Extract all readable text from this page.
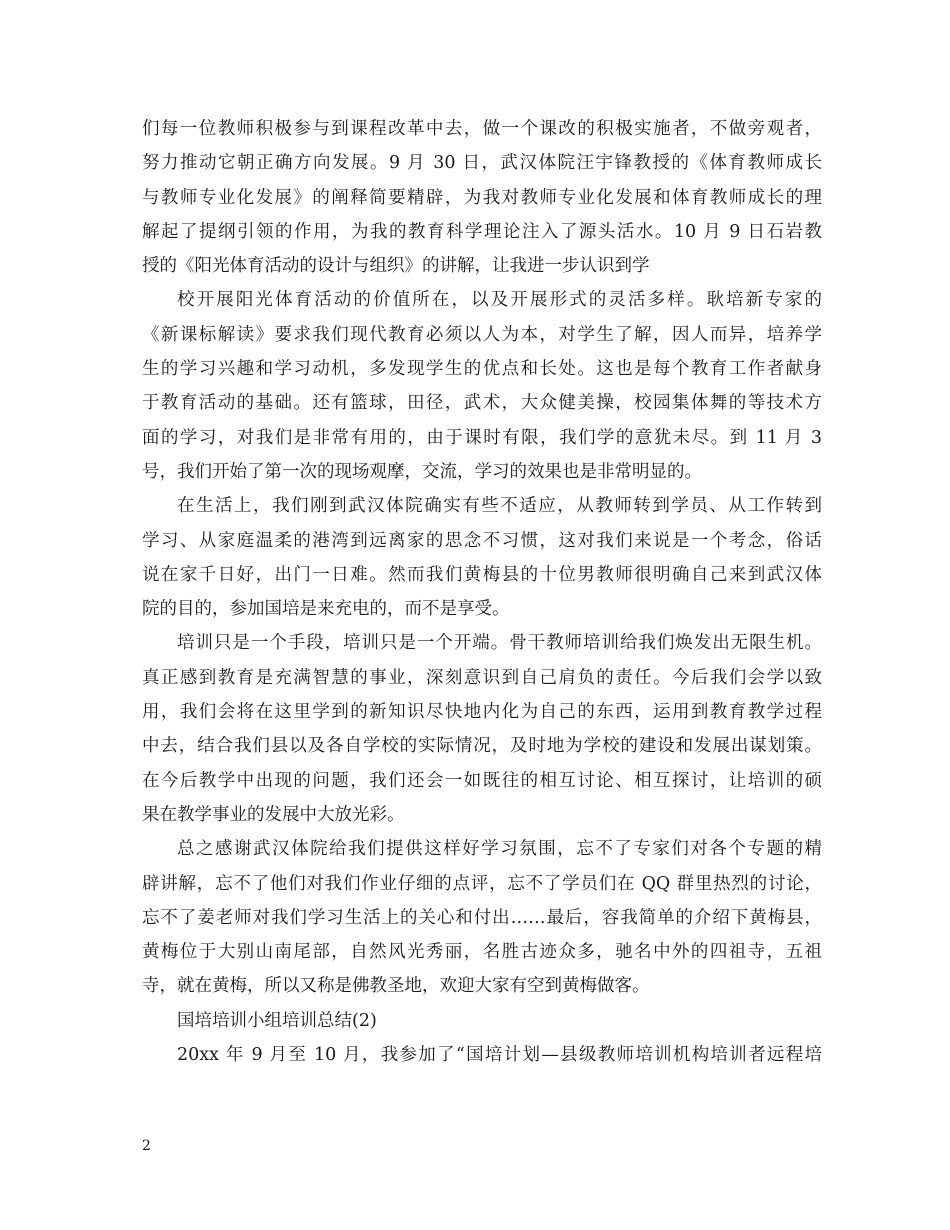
们每一位教师积极参与到课程改革中去，做一个课改的积极实施者，不做旁观者，
努力推动它朝正确方向发展。9 月 30 日，武汉体院汪宇锋教授的《体育教师成长
与教师专业化发展》的阐释简要精辟，为我对教师专业化发展和体育教师成长的理
解起了提纲引领的作用，为我的教育科学理论注入了源头活水。10 月 9 日石岩教
授的《阳光体育活动的设计与组织》的讲解，让我进一步认识到学
校开展阳光体育活动的价值所在，以及开展形式的灵活多样。耿培新专家的
《新课标解读》要求我们现代教育必须以人为本，对学生了解，因人而异，培养学
生的学习兴趣和学习动机，多发现学生的优点和长处。这也是每个教育工作者献身
于教育活动的基础。还有篮球，田径，武术，大众健美操，校园集体舞的等技术方
面的学习，对我们是非常有用的，由于课时有限，我们学的意犹未尽。到 11 月 3
号，我们开始了第一次的现场观摩，交流，学习的效果也是非常明显的。
在生活上，我们刚到武汉体院确实有些不适应，从教师转到学员、从工作转到
学习、从家庭温柔的港湾到远离家的思念不习惯，这对我们来说是一个考念，俗话
说在家千日好，出门一日难。然而我们黄梅县的十位男教师很明确自己来到武汉体
院的目的，参加国培是来充电的，而不是享受。
培训只是一个手段，培训只是一个开端。骨干教师培训给我们焕发出无限生机。
真正感到教育是充满智慧的事业，深刻意识到自己肩负的责任。今后我们会学以致
用，我们会将在这里学到的新知识尽快地内化为自己的东西，运用到教育教学过程
中去，结合我们县以及各自学校的实际情况，及时地为学校的建设和发展出谋划策。
在今后教学中出现的问题，我们还会一如既往的相互讨论、相互探讨，让培训的硕
果在教学事业的发展中大放光彩。
总之感谢武汉体院给我们提供这样好学习氛围，忘不了专家们对各个专题的精
辟讲解，忘不了他们对我们作业仔细的点评，忘不了学员们在 QQ 群里热烈的讨论，
忘不了姜老师对我们学习生活上的关心和付出……最后，容我简单的介绍下黄梅县，
黄梅位于大别山南尾部，自然风光秀丽，名胜古迹众多，驰名中外的四祖寺，五祖
寺，就在黄梅，所以又称是佛教圣地，欢迎大家有空到黄梅做客。
国培培训小组培训总结(2)
20xx 年 9 月至 10 月，我参加了“国培计划—县级教师培训机构培训者远程培
2
